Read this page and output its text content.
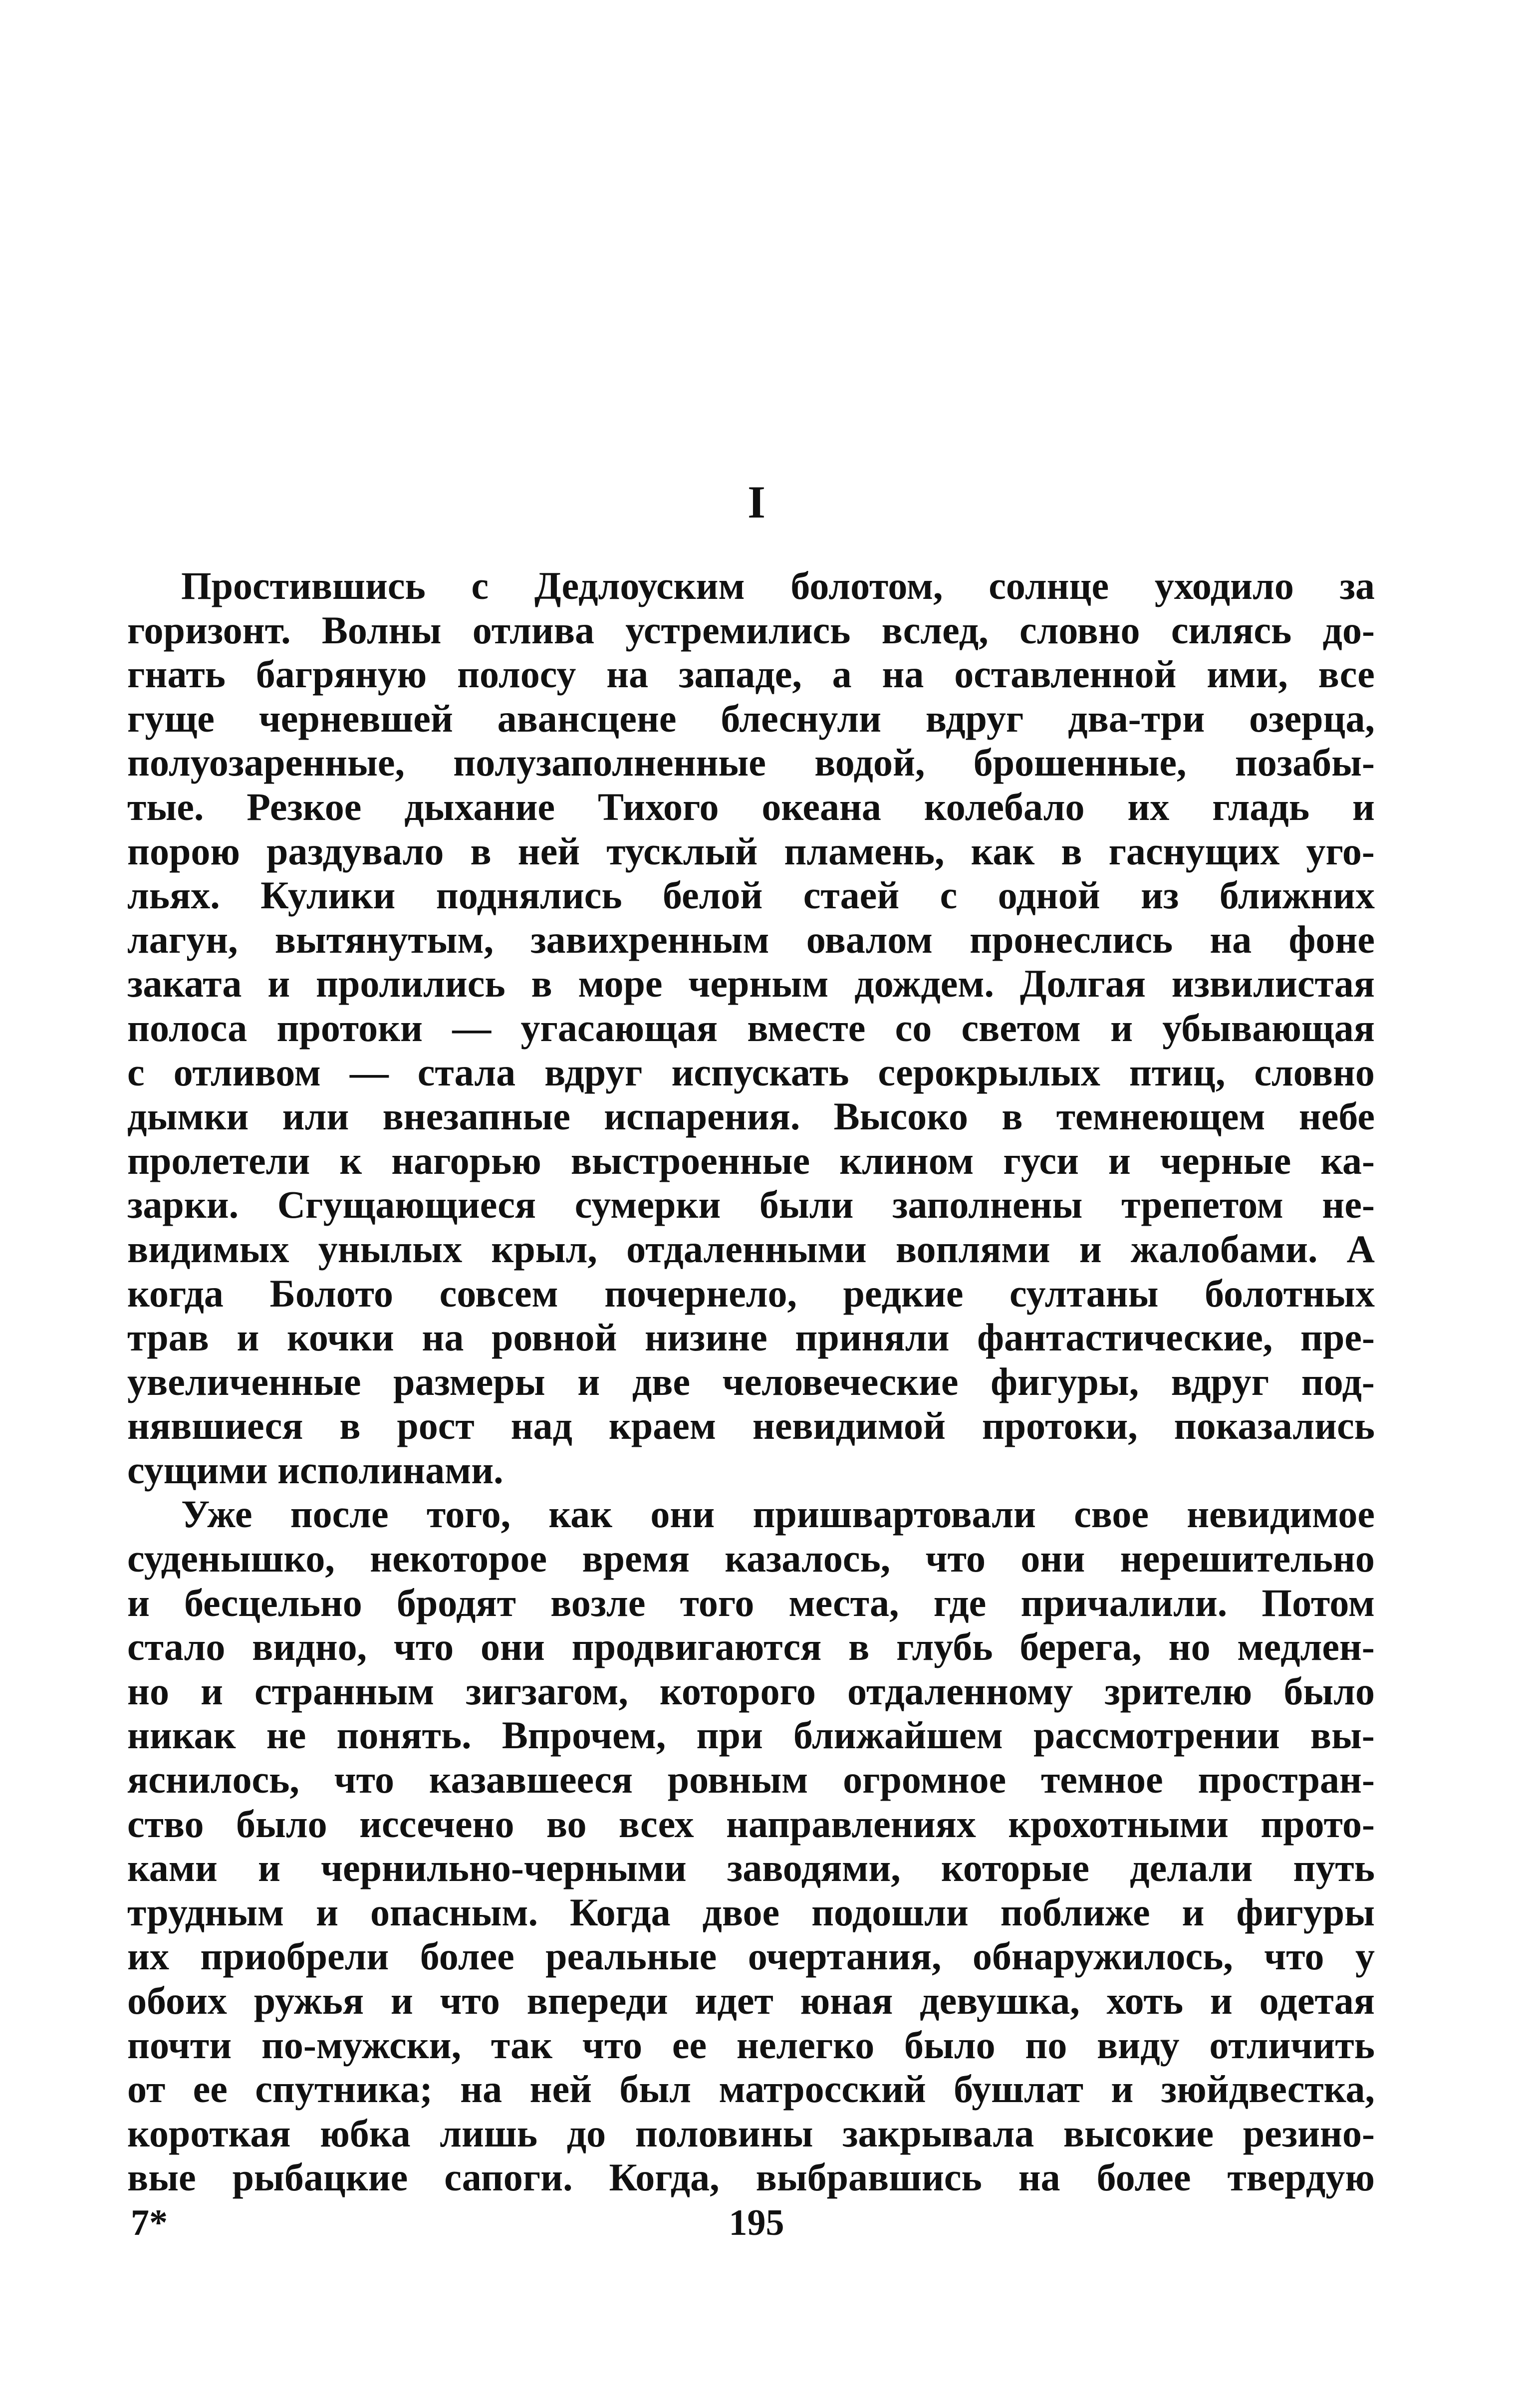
I
Простившись с Дедлоуским болотом, солнце уходило за
горизонт. Волны отлива устремились вслед, словно силясь до-
гнать багряную полосу на западе, а на оставленной ими, все
гуще черневшей авансцене блеснули вдруг два-три озерца,
полуозаренные, полузаполненные водой, брошенные, позабы-
тые. Резкое дыхание Тихого океана колебало их гладь и
порою раздувало в ней тусклый пламень, как в гаснущих уго-
льях. Кулики поднялись белой стаей с одной из ближних
лагун, вытянутым, завихренным овалом пронеслись на фоне
заката и пролились в море черным дождем. Долгая извилистая
полоса протоки — угасающая вместе со светом и убывающая
с отливом — стала вдруг испускать серокрылых птиц, словно
дымки или внезапные испарения. Высоко в темнеющем небе
пролетели к нагорью выстроенные клином гуси и черные ка-
зарки. Сгущающиеся сумерки были заполнены трепетом не-
видимых унылых крыл, отдаленными воплями и жалобами. А
когда Болото совсем почернело, редкие султаны болотных
трав и кочки на ровной низине приняли фантастические, пре-
увеличенные размеры и две человеческие фигуры, вдруг под-
нявшиеся в рост над краем невидимой протоки, показались
сущими исполинами.
Уже после того, как они пришвартовали свое невидимое
суденышко, некоторое время казалось, что они нерешительно
и бесцельно бродят возле того места, где причалили. Потом
стало видно, что они продвигаются в глубь берега, но медлен-
но и странным зигзагом, которого отдаленному зрителю было
никак не понять. Впрочем, при ближайшем рассмотрении вы-
яснилось, что казавшееся ровным огромное темное простран-
ство было иссечено во всех направлениях крохотными прото-
ками и чернильно-черными заводями, которые делали путь
трудным и опасным. Когда двое подошли поближе и фигуры
их приобрели более реальные очертания, обнаружилось, что у
обоих ружья и что впереди идет юная девушка, хоть и одетая
почти по-мужски, так что ее нелегко было по виду отличить
от ее спутника; на ней был матросский бушлат и зюйдвестка,
короткая юбка лишь до половины закрывала высокие резино-
вые рыбацкие сапоги. Когда, выбравшись на более твердую
7*	195
